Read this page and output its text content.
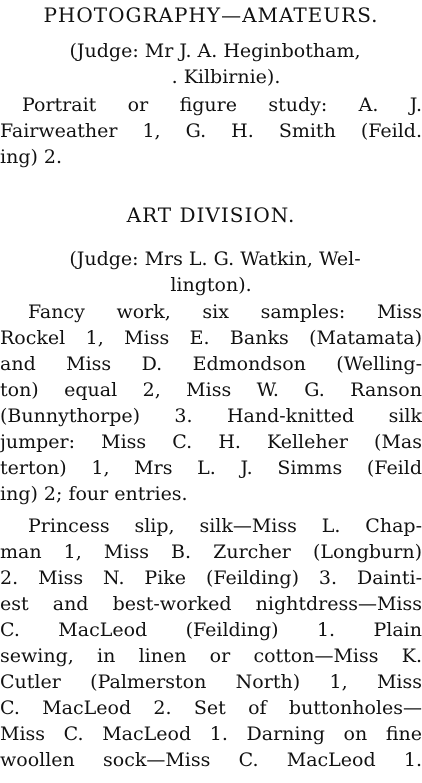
PHOTOGRAPHY—AMATEURS.
(Judge: Mr J. A. Heginbotham,
. Kilbirnie).
Portrait or figure study: A. J.
Fairweather 1, G. H. Smith (Feild.
ing) 2.
ART DIVISION.
(Judge: Mrs L. G. Watkin, Wel-
lington).
Fancy work, six samples: Miss
Rockel 1, Miss E. Banks (Matamata)
and Miss D. Edmondson (Welling-
ton) equal 2, Miss W. G. Ranson
(Bunnythorpe) 3. Hand-knitted silk
jumper: Miss C. H. Kelleher (Mas
terton) 1, Mrs L. J. Simms (Feild
ing) 2; four entries.
Princess slip, silk—Miss L. Chap-
man 1, Miss B. Zurcher (Longburn)
2. Miss N. Pike (Feilding) 3. Dainti-
est and best-worked nightdress—Miss
C. MacLeod (Feilding) 1. Plain
sewing, in linen or cotton—Miss K.
Cutler (Palmerston North) 1, Miss
C. MacLeod 2. Set of buttonholes—
Miss C. MacLeod 1. Darning on fine
woollen sock—Miss C. MacLeod 1.
